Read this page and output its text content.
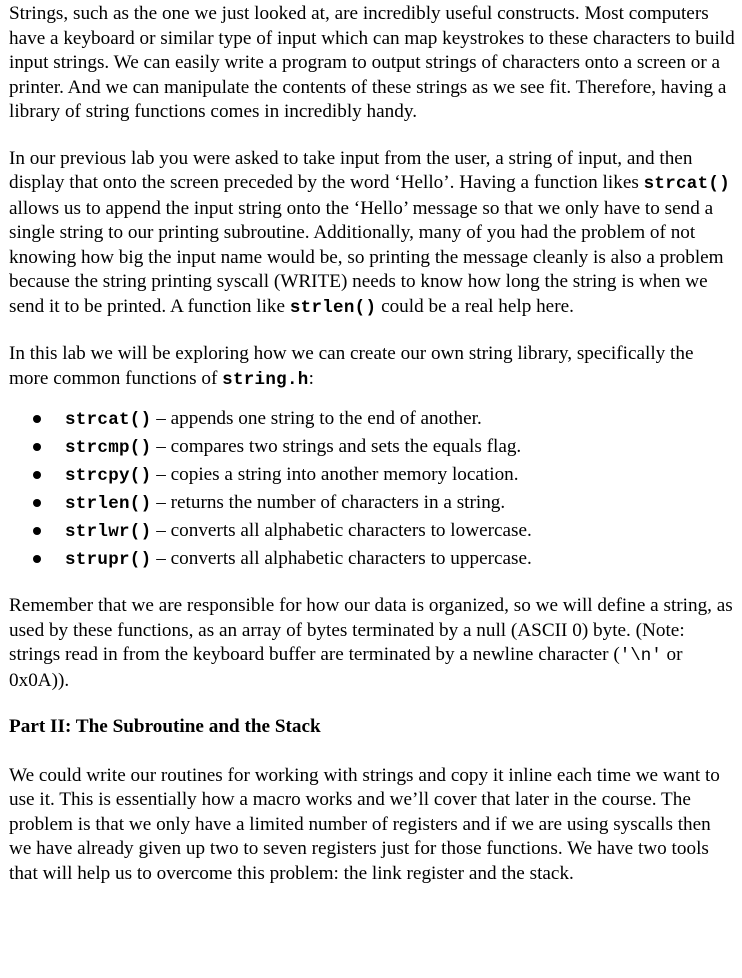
Strings, such as the one we just looked at, are incredibly useful constructs. Most computers have a keyboard or similar type of input which can map keystrokes to these characters to build input strings. We can easily write a program to output strings of characters onto a screen or a printer. And we can manipulate the contents of these strings as we see fit. Therefore, having a library of string functions comes in incredibly handy.

In our previous lab you were asked to take input from the user, a string of input, and then display that onto the screen preceded by the word ‘Hello’. Having a function likes strcat() allows us to append the input string onto the ‘Hello’ message so that we only have to send a single string to our printing subroutine. Additionally, many of you had the problem of not knowing how big the input name would be, so printing the message cleanly is also a problem because the string printing syscall (WRITE) needs to know how long the string is when we send it to be printed. A function like strlen() could be a real help here.

In this lab we will be exploring how we can create our own string library, specifically the more common functions of string.h:

strcat() – appends one string to the end of another.
strcmp() – compares two strings and sets the equals flag.
strcpy() – copies a string into another memory location.
strlen() – returns the number of characters in a string.
strlwr() – converts all alphabetic characters to lowercase.
strupr() – converts all alphabetic characters to uppercase.

Remember that we are responsible for how our data is organized, so we will define a string, as used by these functions, as an array of bytes terminated by a null (ASCII 0) byte. (Note: strings read in from the keyboard buffer are terminated by a newline character ('\n' or 0x0A)).

Part II: The Subroutine and the Stack

We could write our routines for working with strings and copy it inline each time we want to use it. This is essentially how a macro works and we’ll cover that later in the course. The problem is that we only have a limited number of registers and if we are using syscalls then we have already given up two to seven registers just for those functions. We have two tools that will help us to overcome this problem: the link register and the stack.
